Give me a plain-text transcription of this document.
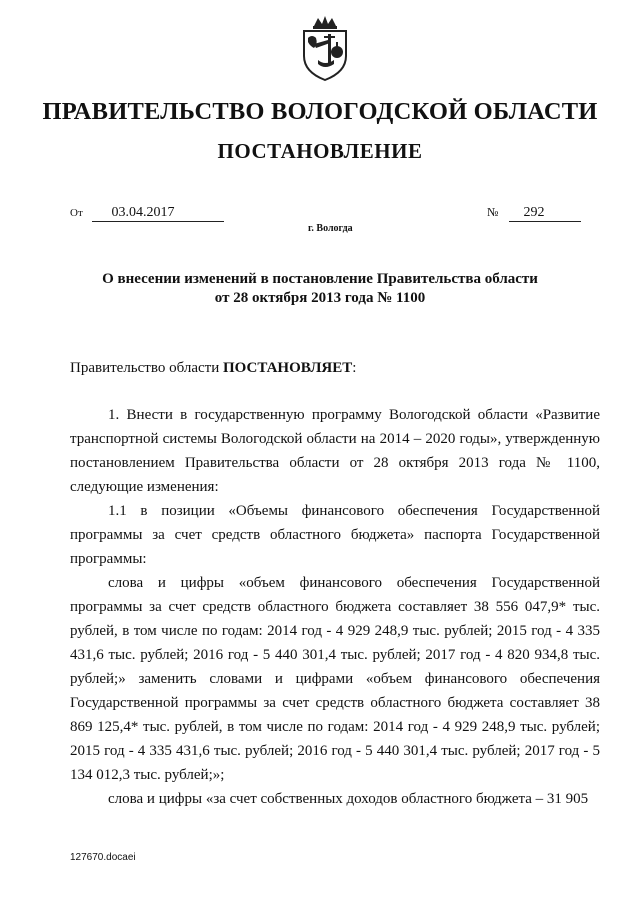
ПРАВИТЕЛЬСТВО ВОЛОГОДСКОЙ ОБЛАСТИ
ПОСТАНОВЛЕНИЕ
От 03.04.2017	№ 292
г. Вологда
О внесении изменений в постановление Правительства области
от 28 октября 2013 года № 1100
Правительство области ПОСТАНОВЛЯЕТ:

1. Внести в государственную программу Вологодской области «Развитие транспортной системы Вологодской области на 2014 – 2020 годы», утвержденную постановлением Правительства области от 28 октября 2013 года № 1100, следующие изменения:

1.1 в позиции «Объемы финансового обеспечения Государственной программы за счет средств областного бюджета» паспорта Государственной программы:

слова и цифры «объем финансового обеспечения Государственной программы за счет средств областного бюджета составляет 38 556 047,9* тыс. рублей, в том числе по годам: 2014 год - 4 929 248,9 тыс. рублей; 2015 год - 4 335 431,6 тыс. рублей; 2016 год - 5 440 301,4 тыс. рублей; 2017 год - 4 820 934,8 тыс. рублей;» заменить словами и цифрами «объем финансового обеспечения Государственной программы за счет средств областного бюджета составляет 38 869 125,4* тыс. рублей, в том числе по годам: 2014 год - 4 929 248,9 тыс. рублей; 2015 год - 4 335 431,6 тыс. рублей; 2016 год - 5 440 301,4 тыс. рублей; 2017 год - 5 134 012,3 тыс. рублей;»;

слова и цифры «за счет собственных доходов областного бюджета – 31 905

127670.docaei
